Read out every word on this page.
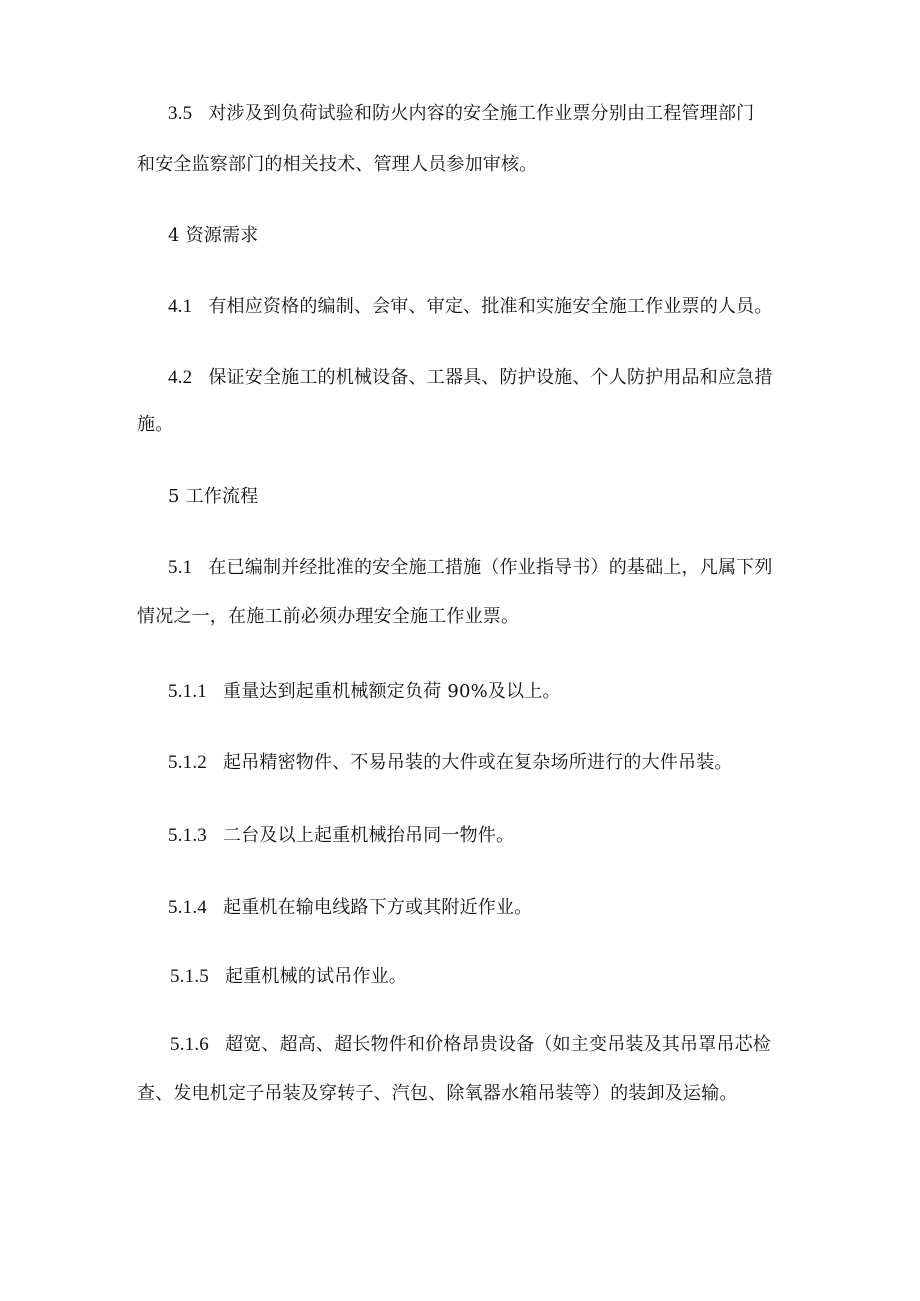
3.5 对涉及到负荷试验和防火内容的安全施工作业票分别由工程管理部门
和安全监察部门的相关技术、管理人员参加审核。
4 资源需求
4.1 有相应资格的编制、会审、审定、批准和实施安全施工作业票的人员。
4.2 保证安全施工的机械设备、工器具、防护设施、个人防护用品和应急措
施。
5 工作流程
5.1 在已编制并经批准的安全施工措施（作业指导书）的基础上，凡属下列
情况之一，在施工前必须办理安全施工作业票。
5.1.1 重量达到起重机械额定负荷 90%及以上。
5.1.2 起吊精密物件、不易吊装的大件或在复杂场所进行的大件吊装。
5.1.3 二台及以上起重机械抬吊同一物件。
5.1.4 起重机在输电线路下方或其附近作业。
5.1.5 起重机械的试吊作业。
5.1.6 超宽、超高、超长物件和价格昂贵设备（如主变吊装及其吊罩吊芯检
查、发电机定子吊装及穿转子、汽包、除氧器水箱吊装等）的装卸及运输。
